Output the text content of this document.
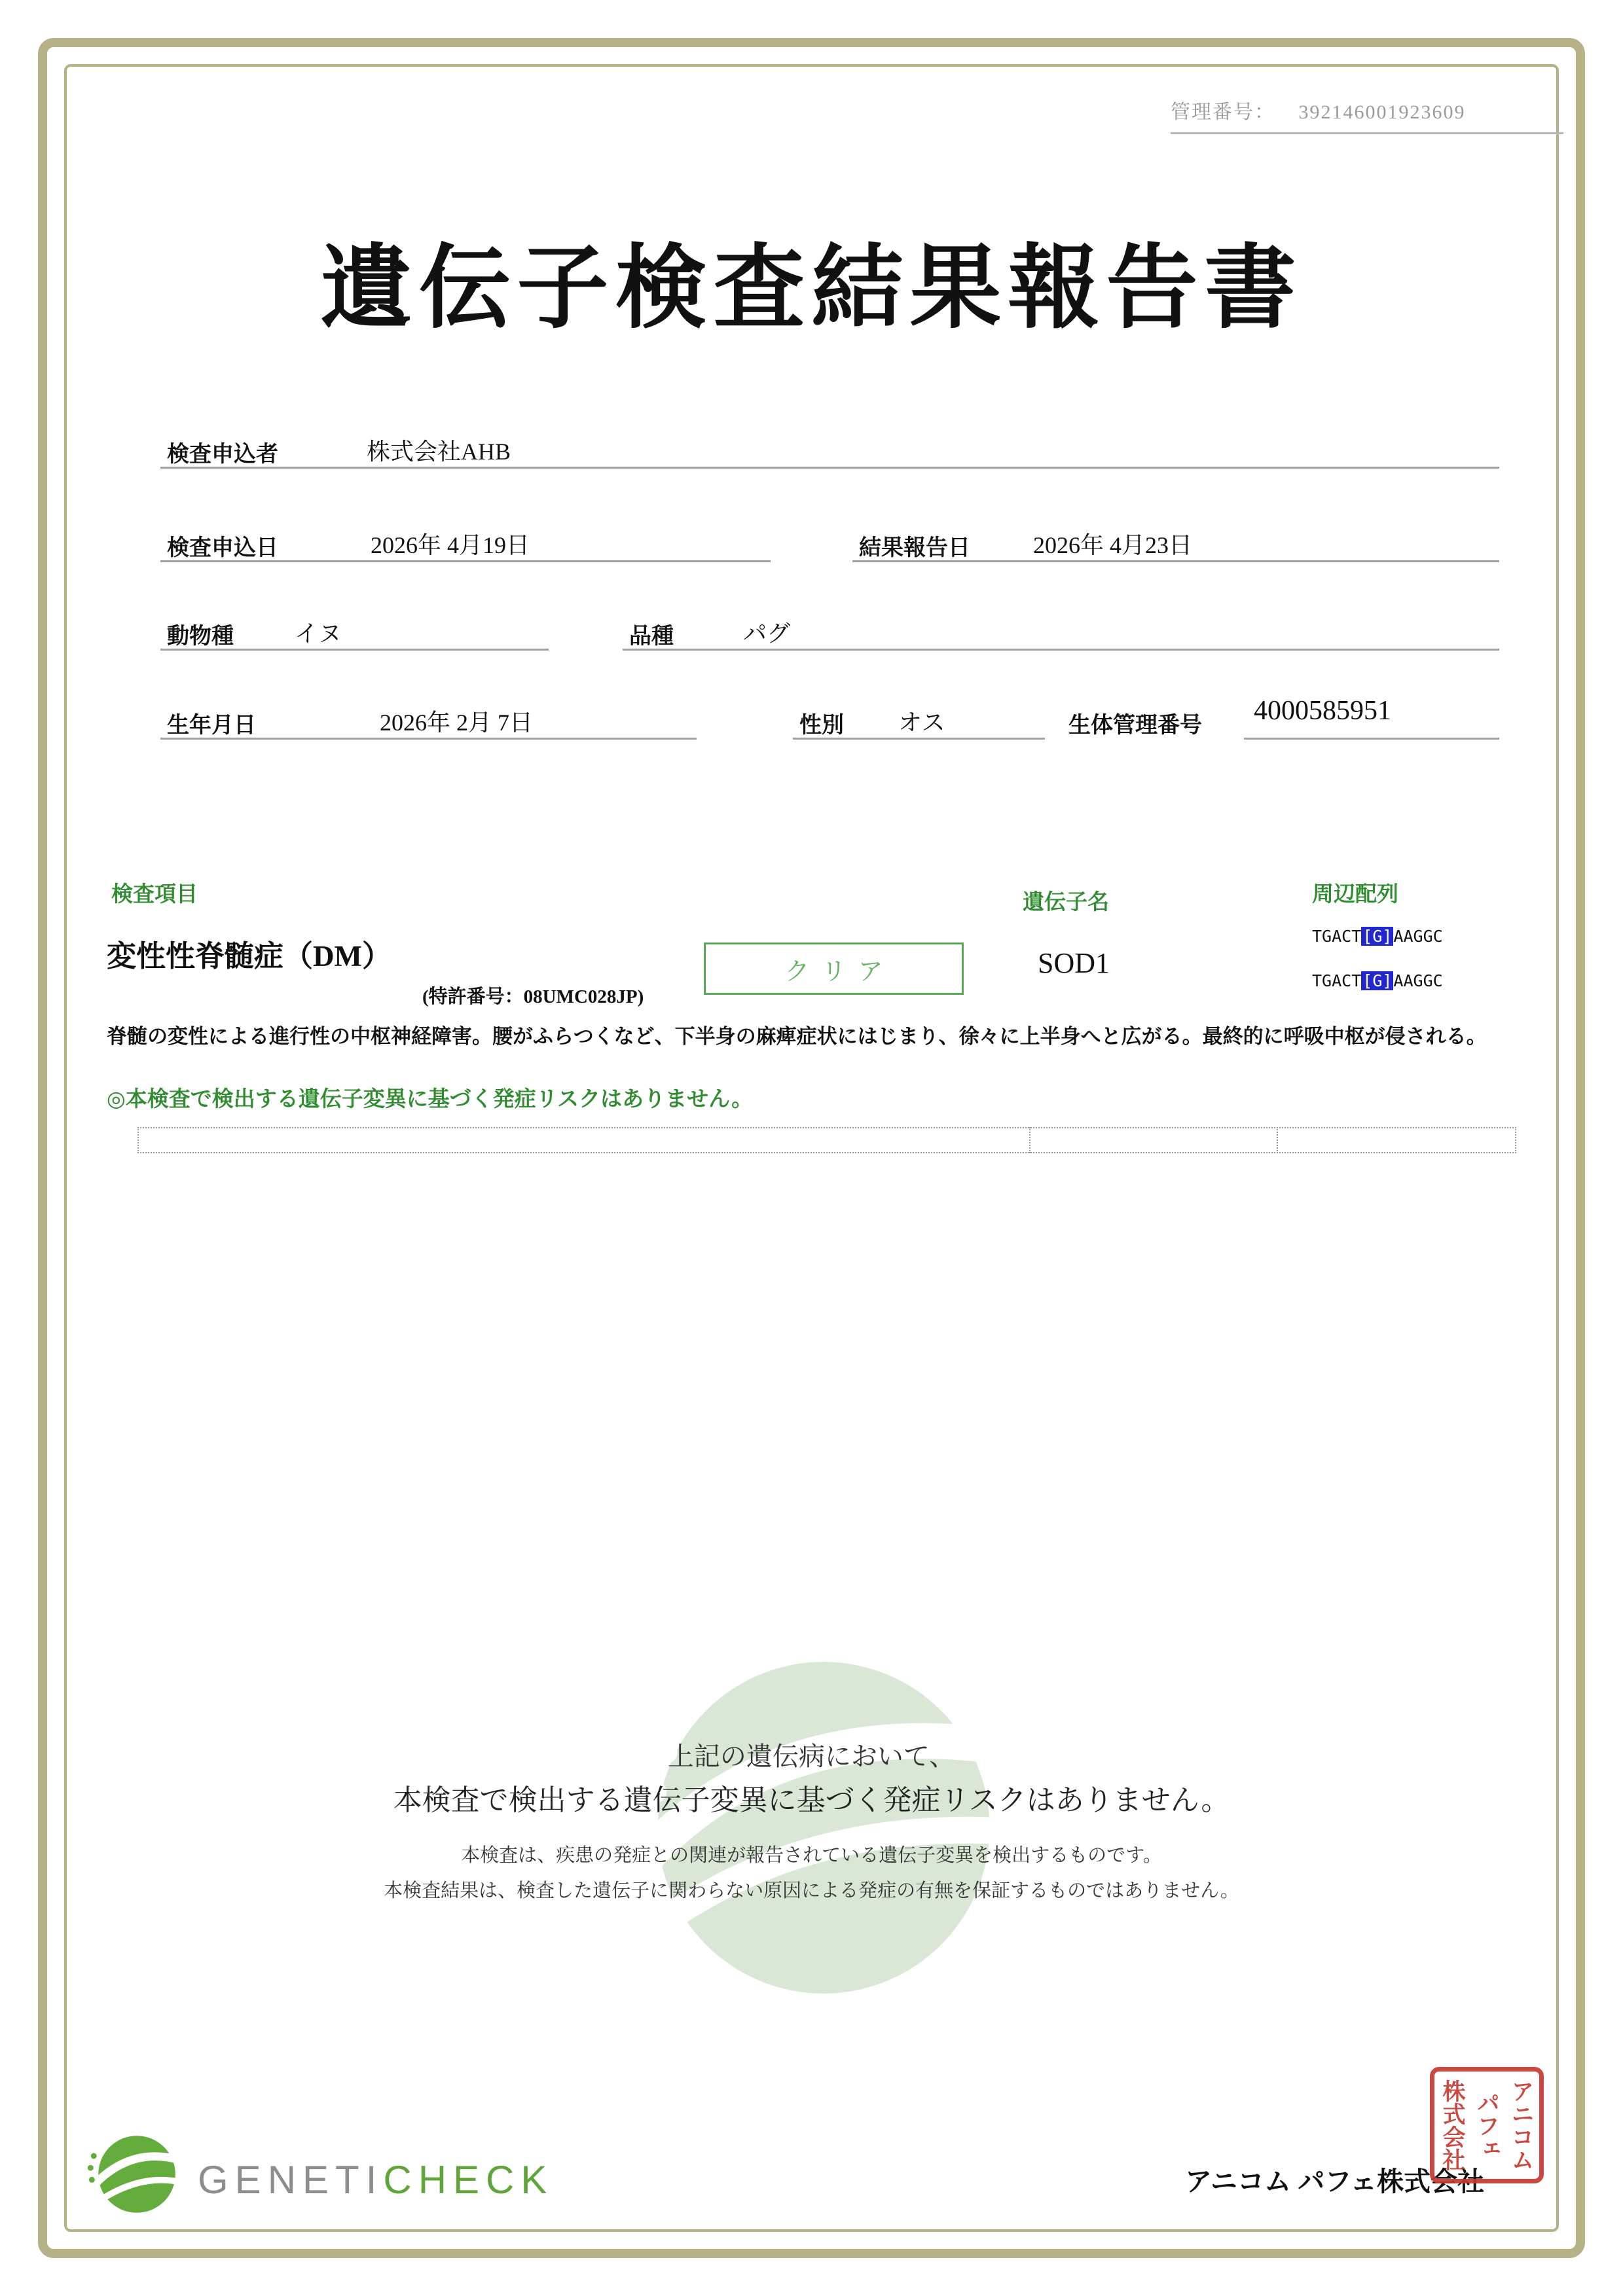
管理番号： 392146001923609
遺伝子検査結果報告書
検査申込者	株式会社AHB
検査申込日	2026年 4月19日	結果報告日	2026年 4月23日
動物種	イヌ	品種	パグ
生年月日	2026年 2月 7日	性別 オス	生体管理番号 4000585951
検査項目	遺伝子名	周辺配列
変性性脊髄症（DM）
(特許番号：08UMC028JP)
クリア	SOD1
TGACT[G]AAGGC
TGACT[G]AAGGC
脊髄の変性による進行性の中枢神経障害。腰がふらつくなど、下半身の麻痺症状にはじまり、徐々に上半身へと広がる。最終的に呼吸中枢が侵される。
◎本検査で検出する遺伝子変異に基づく発症リスクはありません。
上記の遺伝病において、
本検査で検出する遺伝子変異に基づく発症リスクはありません。
本検査は、疾患の発症との関連が報告されている遺伝子変異を検出するものです。
本検査結果は、検査した遺伝子に関わらない原因による発症の有無を保証するものではありません。
GENETICHECK	アニコム パフェ株式会社
アニコム
パフェ
株式会社
